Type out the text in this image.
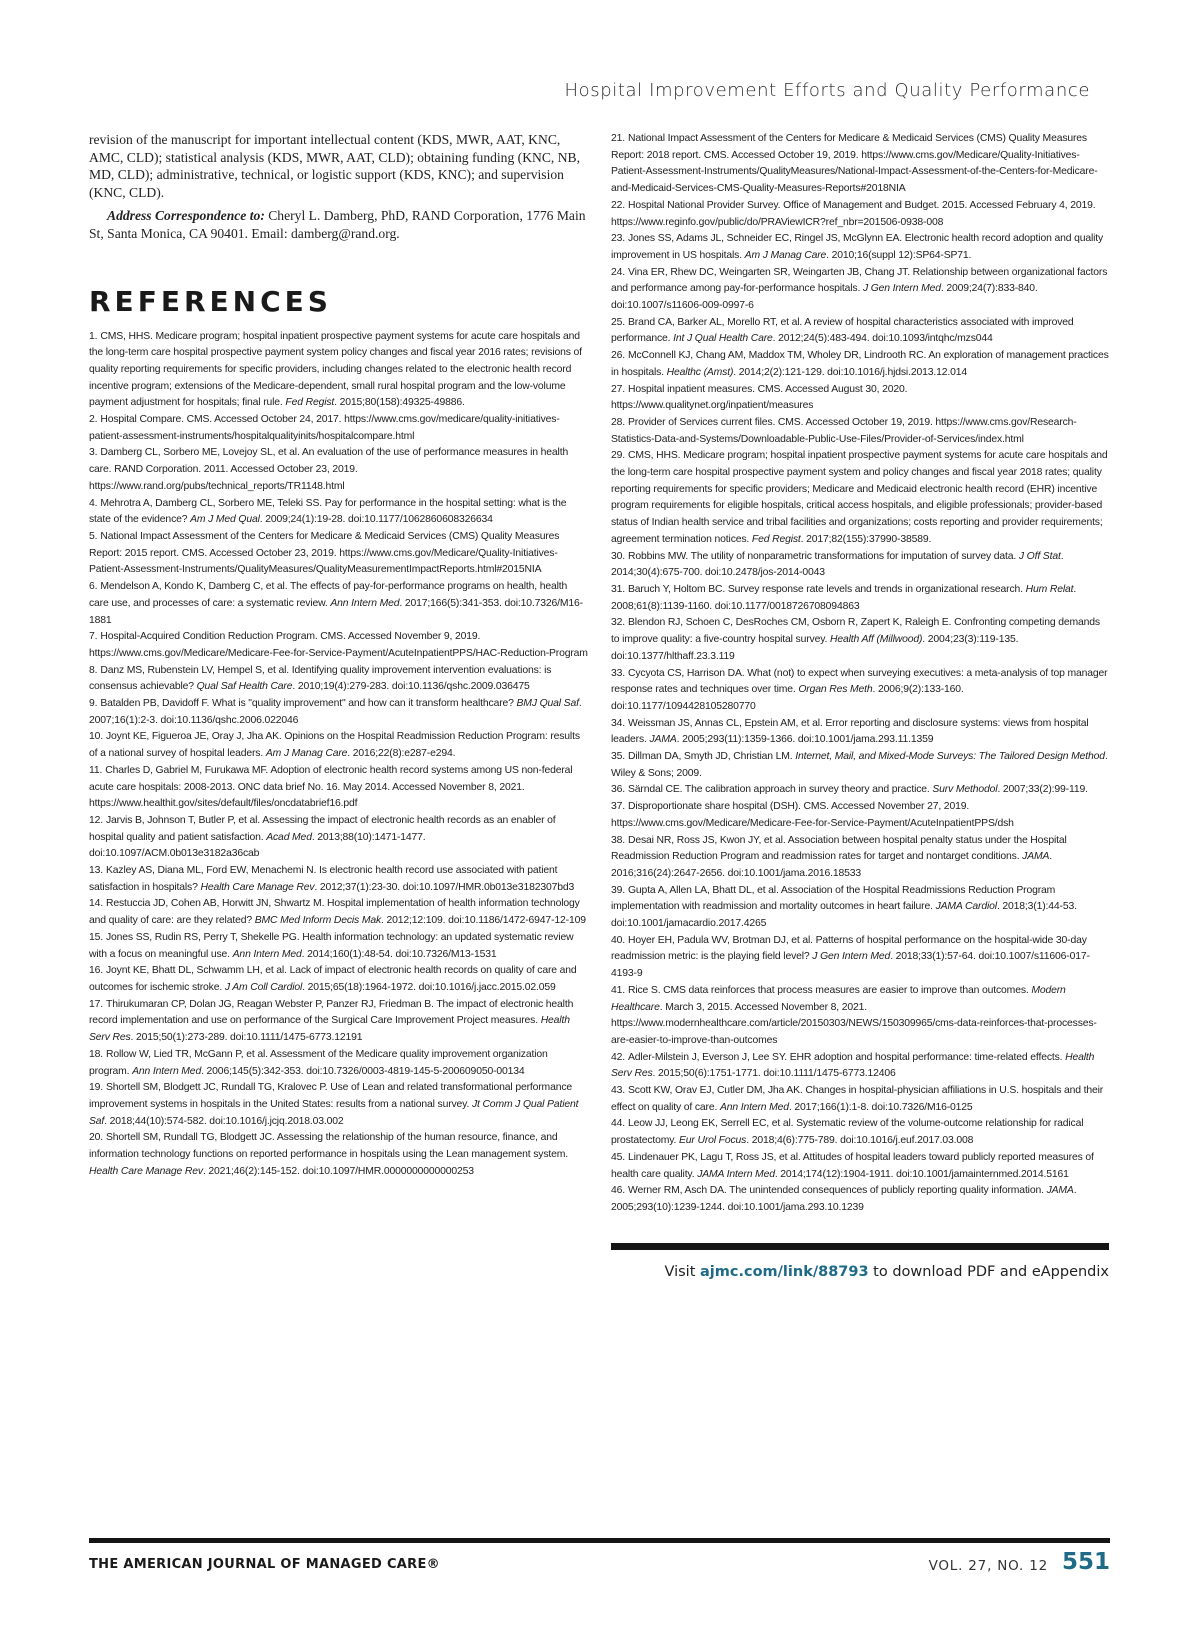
Hospital Improvement Efforts and Quality Performance

revision of the manuscript for important intellectual content (KDS, MWR, AAT, KNC, AMC, CLD); statistical analysis (KDS, MWR, AAT, CLD); obtaining funding (KNC, NB, MD, CLD); administrative, technical, or logistic support (KDS, KNC); and supervision (KNC, CLD).

Address Correspondence to: Cheryl L. Damberg, PhD, RAND Corporation, 1776 Main St, Santa Monica, CA 90401. Email: damberg@rand.org.

REFERENCES
1. CMS, HHS. Medicare program; hospital inpatient prospective payment systems for acute care hospitals and the long-term care hospital prospective payment system policy changes and fiscal year 2016 rates; revisions of quality reporting requirements for specific providers, including changes related to the electronic health record incentive program; extensions of the Medicare-dependent, small rural hospital program and the low-volume payment adjustment for hospitals; final rule. Fed Regist. 2015;80(158):49325-49886.
2. Hospital Compare. CMS. Accessed October 24, 2017. https://www.cms.gov/medicare/quality-initiatives-patient-assessment-instruments/hospitalqualityinits/hospitalcompare.html
3. Damberg CL, Sorbero ME, Lovejoy SL, et al. An evaluation of the use of performance measures in health care. RAND Corporation. 2011. Accessed October 23, 2019. https://www.rand.org/pubs/technical_reports/TR1148.html
4. Mehrotra A, Damberg CL, Sorbero ME, Teleki SS. Pay for performance in the hospital setting: what is the state of the evidence? Am J Med Qual. 2009;24(1):19-28. doi:10.1177/1062860608326634
5. National Impact Assessment of the Centers for Medicare & Medicaid Services (CMS) Quality Measures Report: 2015 report. CMS. Accessed October 23, 2019. https://www.cms.gov/Medicare/Quality-Initiatives-Patient-Assessment-Instruments/QualityMeasures/QualityMeasurementImpactReports.html#2015NIA
6. Mendelson A, Kondo K, Damberg C, et al. The effects of pay-for-performance programs on health, health care use, and processes of care: a systematic review. Ann Intern Med. 2017;166(5):341-353. doi:10.7326/M16-1881
7. Hospital-Acquired Condition Reduction Program. CMS. Accessed November 9, 2019. https://www.cms.gov/Medicare/Medicare-Fee-for-Service-Payment/AcuteInpatientPPS/HAC-Reduction-Program
8. Danz MS, Rubenstein LV, Hempel S, et al. Identifying quality improvement intervention evaluations: is consensus achievable? Qual Saf Health Care. 2010;19(4):279-283. doi:10.1136/qshc.2009.036475
9. Batalden PB, Davidoff F. What is "quality improvement" and how can it transform healthcare? BMJ Qual Saf. 2007;16(1):2-3. doi:10.1136/qshc.2006.022046
10. Joynt KE, Figueroa JE, Oray J, Jha AK. Opinions on the Hospital Readmission Reduction Program: results of a national survey of hospital leaders. Am J Manag Care. 2016;22(8):e287-e294.
11. Charles D, Gabriel M, Furukawa MF. Adoption of electronic health record systems among US non-federal acute care hospitals: 2008-2013. ONC data brief No. 16. May 2014. Accessed November 8, 2021. https://www.healthit.gov/sites/default/files/oncdatabrief16.pdf
12. Jarvis B, Johnson T, Butler P, et al. Assessing the impact of electronic health records as an enabler of hospital quality and patient satisfaction. Acad Med. 2013;88(10):1471-1477. doi:10.1097/ACM.0b013e3182a36cab
13. Kazley AS, Diana ML, Ford EW, Menachemi N. Is electronic health record use associated with patient satisfaction in hospitals? Health Care Manage Rev. 2012;37(1):23-30. doi:10.1097/HMR.0b013e3182307bd3
14. Restuccia JD, Cohen AB, Horwitt JN, Shwartz M. Hospital implementation of health information technology and quality of care: are they related? BMC Med Inform Decis Mak. 2012;12:109. doi:10.1186/1472-6947-12-109
15. Jones SS, Rudin RS, Perry T, Shekelle PG. Health information technology: an updated systematic review with a focus on meaningful use. Ann Intern Med. 2014;160(1):48-54. doi:10.7326/M13-1531
16. Joynt KE, Bhatt DL, Schwamm LH, et al. Lack of impact of electronic health records on quality of care and outcomes for ischemic stroke. J Am Coll Cardiol. 2015;65(18):1964-1972. doi:10.1016/j.jacc.2015.02.059
17. Thirukumaran CP, Dolan JG, Reagan Webster P, Panzer RJ, Friedman B. The impact of electronic health record implementation and use on performance of the Surgical Care Improvement Project measures. Health Serv Res. 2015;50(1):273-289. doi:10.1111/1475-6773.12191
18. Rollow W, Lied TR, McGann P, et al. Assessment of the Medicare quality improvement organization program. Ann Intern Med. 2006;145(5):342-353. doi:10.7326/0003-4819-145-5-200609050-00134
19. Shortell SM, Blodgett JC, Rundall TG, Kralovec P. Use of Lean and related transformational performance improvement systems in hospitals in the United States: results from a national survey. Jt Comm J Qual Patient Saf. 2018;44(10):574-582. doi:10.1016/j.jcjq.2018.03.002
20. Shortell SM, Rundall TG, Blodgett JC. Assessing the relationship of the human resource, finance, and information technology functions on reported performance in hospitals using the Lean management system. Health Care Manage Rev. 2021;46(2):145-152. doi:10.1097/HMR.0000000000000253
21. National Impact Assessment of the Centers for Medicare & Medicaid Services (CMS) Quality Measures Report: 2018 report. CMS. Accessed October 19, 2019. https://www.cms.gov/Medicare/Quality-Initiatives-Patient-Assessment-Instruments/QualityMeasures/National-Impact-Assessment-of-the-Centers-for-Medicare-and-Medicaid-Services-CMS-Quality-Measures-Reports#2018NIA
22. Hospital National Provider Survey. Office of Management and Budget. 2015. Accessed February 4, 2019. https://www.reginfo.gov/public/do/PRAViewICR?ref_nbr=201506-0938-008
23. Jones SS, Adams JL, Schneider EC, Ringel JS, McGlynn EA. Electronic health record adoption and quality improvement in US hospitals. Am J Manag Care. 2010;16(suppl 12):SP64-SP71.
24. Vina ER, Rhew DC, Weingarten SR, Weingarten JB, Chang JT. Relationship between organizational factors and performance among pay-for-performance hospitals. J Gen Intern Med. 2009;24(7):833-840. doi:10.1007/s11606-009-0997-6
25. Brand CA, Barker AL, Morello RT, et al. A review of hospital characteristics associated with improved performance. Int J Qual Health Care. 2012;24(5):483-494. doi:10.1093/intqhc/mzs044
26. McConnell KJ, Chang AM, Maddox TM, Wholey DR, Lindrooth RC. An exploration of management practices in hospitals. Healthc (Amst). 2014;2(2):121-129. doi:10.1016/j.hjdsi.2013.12.014
27. Hospital inpatient measures. CMS. Accessed August 30, 2020. https://www.qualitynet.org/inpatient/measures
28. Provider of Services current files. CMS. Accessed October 19, 2019. https://www.cms.gov/Research-Statistics-Data-and-Systems/Downloadable-Public-Use-Files/Provider-of-Services/index.html
29. CMS, HHS. Medicare program; hospital inpatient prospective payment systems for acute care hospitals and the long-term care hospital prospective payment system and policy changes and fiscal year 2018 rates; quality reporting requirements for specific providers; Medicare and Medicaid electronic health record (EHR) incentive program requirements for eligible hospitals, critical access hospitals, and eligible professionals; provider-based status of Indian health service and tribal facilities and organizations; costs reporting and provider requirements; agreement termination notices. Fed Regist. 2017;82(155):37990-38589.
30. Robbins MW. The utility of nonparametric transformations for imputation of survey data. J Off Stat. 2014;30(4):675-700. doi:10.2478/jos-2014-0043
31. Baruch Y, Holtom BC. Survey response rate levels and trends in organizational research. Hum Relat. 2008;61(8):1139-1160. doi:10.1177/0018726708094863
32. Blendon RJ, Schoen C, DesRoches CM, Osborn R, Zapert K, Raleigh E. Confronting competing demands to improve quality: a five-country hospital survey. Health Aff (Millwood). 2004;23(3):119-135. doi:10.1377/hlthaff.23.3.119
33. Cycyota CS, Harrison DA. What (not) to expect when surveying executives: a meta-analysis of top manager response rates and techniques over time. Organ Res Meth. 2006;9(2):133-160. doi:10.1177/1094428105280770
34. Weissman JS, Annas CL, Epstein AM, et al. Error reporting and disclosure systems: views from hospital leaders. JAMA. 2005;293(11):1359-1366. doi:10.1001/jama.293.11.1359
35. Dillman DA, Smyth JD, Christian LM. Internet, Mail, and Mixed-Mode Surveys: The Tailored Design Method. Wiley & Sons; 2009.
36. Särndal CE. The calibration approach in survey theory and practice. Surv Methodol. 2007;33(2):99-119.
37. Disproportionate share hospital (DSH). CMS. Accessed November 27, 2019. https://www.cms.gov/Medicare/Medicare-Fee-for-Service-Payment/AcuteInpatientPPS/dsh
38. Desai NR, Ross JS, Kwon JY, et al. Association between hospital penalty status under the Hospital Readmission Reduction Program and readmission rates for target and nontarget conditions. JAMA. 2016;316(24):2647-2656. doi:10.1001/jama.2016.18533
39. Gupta A, Allen LA, Bhatt DL, et al. Association of the Hospital Readmissions Reduction Program implementation with readmission and mortality outcomes in heart failure. JAMA Cardiol. 2018;3(1):44-53. doi:10.1001/jamacardio.2017.4265
40. Hoyer EH, Padula WV, Brotman DJ, et al. Patterns of hospital performance on the hospital-wide 30-day readmission metric: is the playing field level? J Gen Intern Med. 2018;33(1):57-64. doi:10.1007/s11606-017-4193-9
41. Rice S. CMS data reinforces that process measures are easier to improve than outcomes. Modern Healthcare. March 3, 2015. Accessed November 8, 2021. https://www.modernhealthcare.com/article/20150303/NEWS/150309965/cms-data-reinforces-that-processes-are-easier-to-improve-than-outcomes
42. Adler-Milstein J, Everson J, Lee SY. EHR adoption and hospital performance: time-related effects. Health Serv Res. 2015;50(6):1751-1771. doi:10.1111/1475-6773.12406
43. Scott KW, Orav EJ, Cutler DM, Jha AK. Changes in hospital-physician affiliations in U.S. hospitals and their effect on quality of care. Ann Intern Med. 2017;166(1):1-8. doi:10.7326/M16-0125
44. Leow JJ, Leong EK, Serrell EC, et al. Systematic review of the volume-outcome relationship for radical prostatectomy. Eur Urol Focus. 2018;4(6):775-789. doi:10.1016/j.euf.2017.03.008
45. Lindenauer PK, Lagu T, Ross JS, et al. Attitudes of hospital leaders toward publicly reported measures of health care quality. JAMA Intern Med. 2014;174(12):1904-1911. doi:10.1001/jamainternmed.2014.5161
46. Werner RM, Asch DA. The unintended consequences of publicly reporting quality information. JAMA. 2005;293(10):1239-1244. doi:10.1001/jama.293.10.1239
Visit ajmc.com/link/88793 to download PDF and eAppendix
THE AMERICAN JOURNAL OF MANAGED CARE®	VOL. 27, NO. 12 551
